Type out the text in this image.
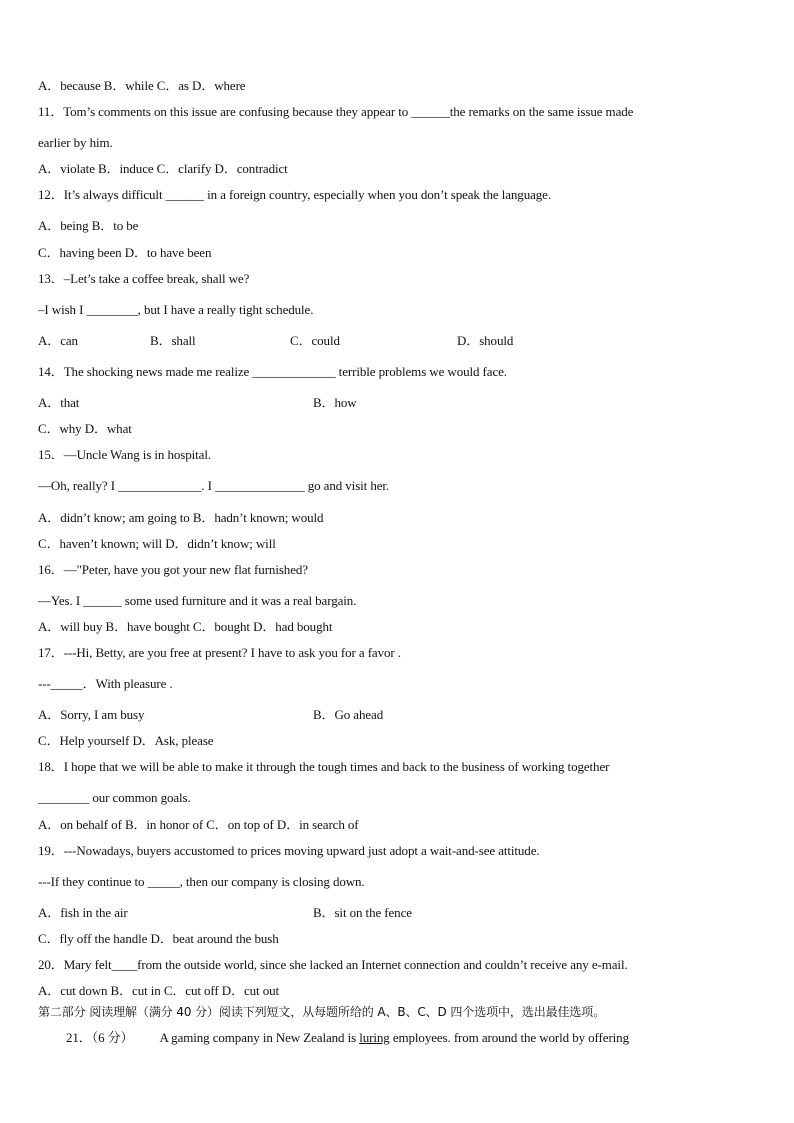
A．because B．while C．as D．where
11．Tom’s comments on this issue are confusing because they appear to ______the remarks on the same issue made
earlier by him.
A．violate B．induce C．clarify D．contradict
12．It’s always difficult ______ in a foreign country, especially when you don’t speak the language.
A．being B．to be
C．having been D．to have been
13．–Let’s take a coffee break, shall we?
–I wish I ________, but I have a really tight schedule.
A．can	B．shall	C．could	D．should
14．The shocking news made me realize _____________ terrible problems we would face.
A．that	B．how
C．why D．what
15．—Uncle Wang is in hospital.
—Oh, really? I _____________. I ______________ go and visit her.
A．didn’t know; am going to B．hadn’t known; would
C．haven’t known; will D．didn’t know; will
16．—"Peter, have you got your new flat furnished?
—Yes. I ______ some used furniture and it was a real bargain.
A．will buy B．have bought C．bought D．had bought
17．---Hi, Betty, are you free at present? I have to ask you for a favor .
---_____．With pleasure .
A．Sorry, I am busy	B．Go ahead
C．Help yourself D．Ask, please
18．I hope that we will be able to make it through the tough times and back to the business of working together
________ our common goals.
A．on behalf of B．in honor of C．on top of D．in search of
19．---Nowadays, buyers accustomed to prices moving upward just adopt a wait-and-see attitude.
---If they continue to _____, then our company is closing down.
A．fish in the air	B．sit on the fence
C．fly off the handle D．beat around the bush
20．Mary felt____from the outside world, since she lacked an Internet connection and couldn’t receive any e-mail.
A．cut down B．cut in C．cut off D．cut out
第二部分 阅读理解（满分 40 分）阅读下列短文，从每题所给的 A、B、C、D 四个选项中，选出最佳选项。
21．（6 分） A gaming company in New Zealand is luring employees. from around the world by offering
